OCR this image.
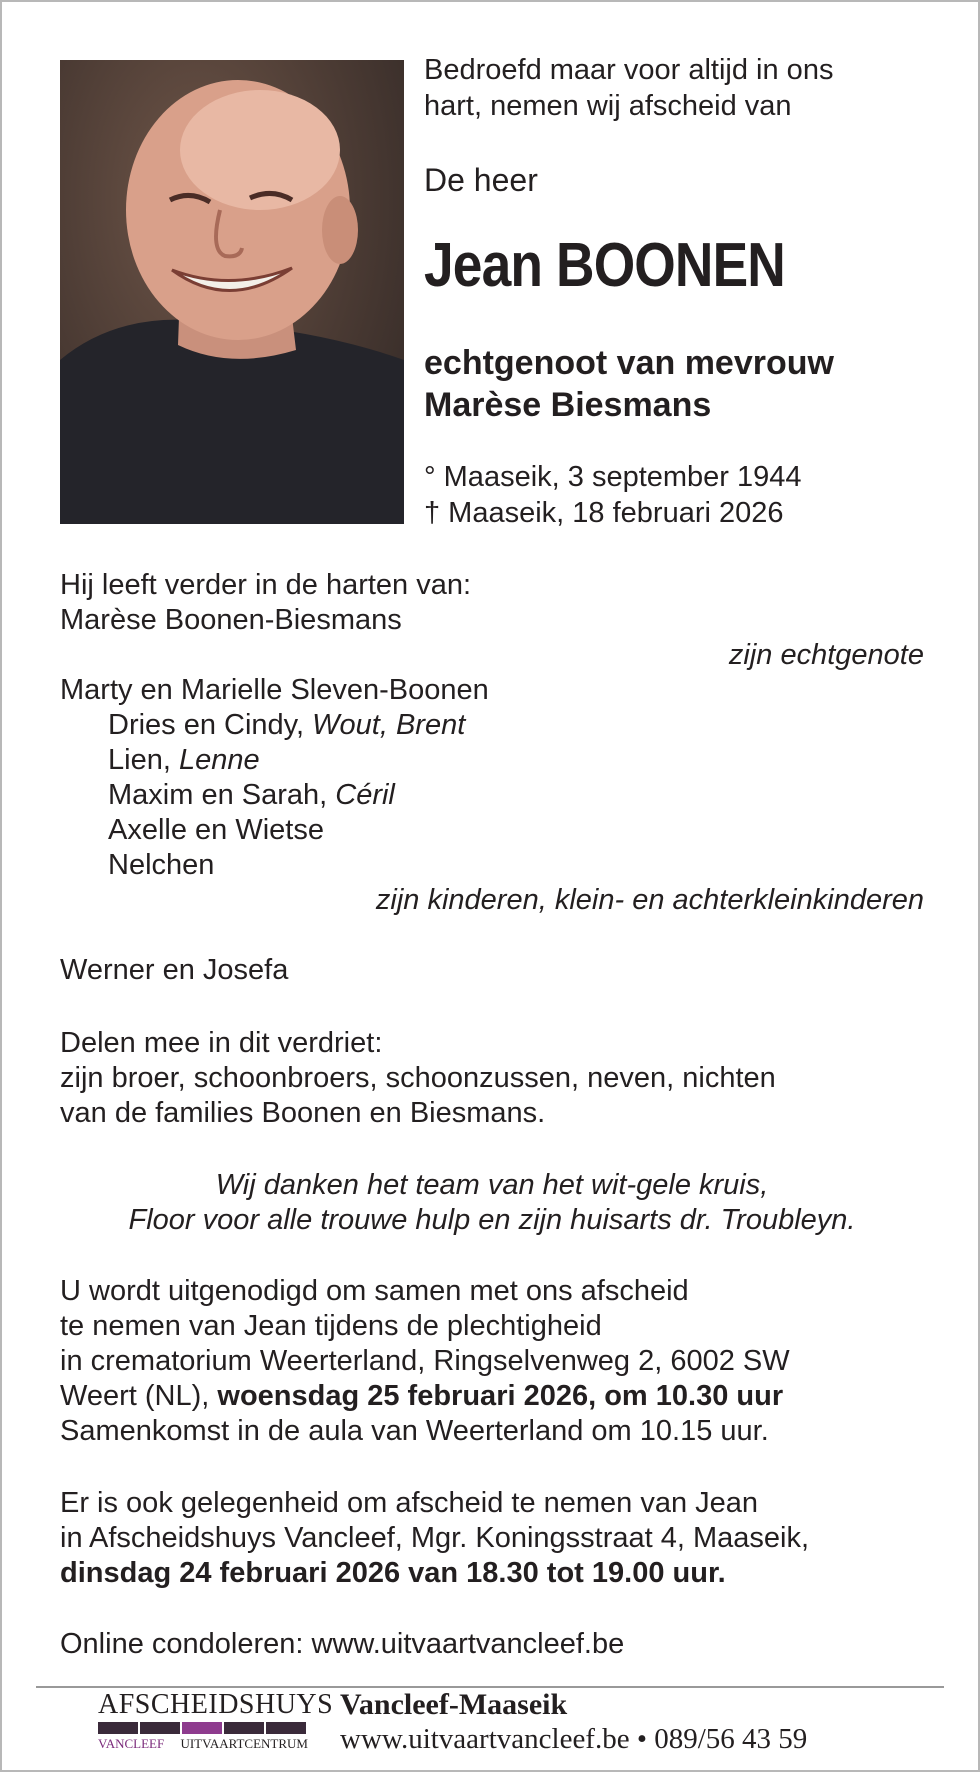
Bedroefd maar voor altijd in ons
hart, nemen wij afscheid van
De heer
Jean BOONEN
echtgenoot van mevrouw
Marèse Biesmans
° Maaseik, 3 september 1944
† Maaseik, 18 februari 2026
Hij leeft verder in de harten van:
Marèse Boonen-Biesmans
zijn echtgenote
Marty en Marielle Sleven-Boonen
Dries en Cindy, Wout, Brent
Lien, Lenne
Maxim en Sarah, Céril
Axelle en Wietse
Nelchen
zijn kinderen, klein- en achterkleinkinderen
Werner en Josefa
Delen mee in dit verdriet:
zijn broer, schoonbroers, schoonzussen, neven, nichten
van de families Boonen en Biesmans.
Wij danken het team van het wit-gele kruis,
Floor voor alle trouwe hulp en zijn huisarts dr. Troubleyn.
U wordt uitgenodigd om samen met ons afscheid
te nemen van Jean tijdens de plechtigheid
in crematorium Weerterland, Ringselvenweg 2, 6002 SW
Weert (NL), woensdag 25 februari 2026, om 10.30 uur
Samenkomst in de aula van Weerterland om 10.15 uur.
Er is ook gelegenheid om afscheid te nemen van Jean
in Afscheidshuys Vancleef, Mgr. Koningsstraat 4, Maaseik,
dinsdag 24 februari 2026 van 18.30 tot 19.00 uur.
Online condoleren: www.uitvaartvancleef.be
AFSCHEIDSHUYS
VANCLEEF UITVAARTCENTRUM
Vancleef-Maaseik
www.uitvaartvancleef.be • 089/56 43 59
